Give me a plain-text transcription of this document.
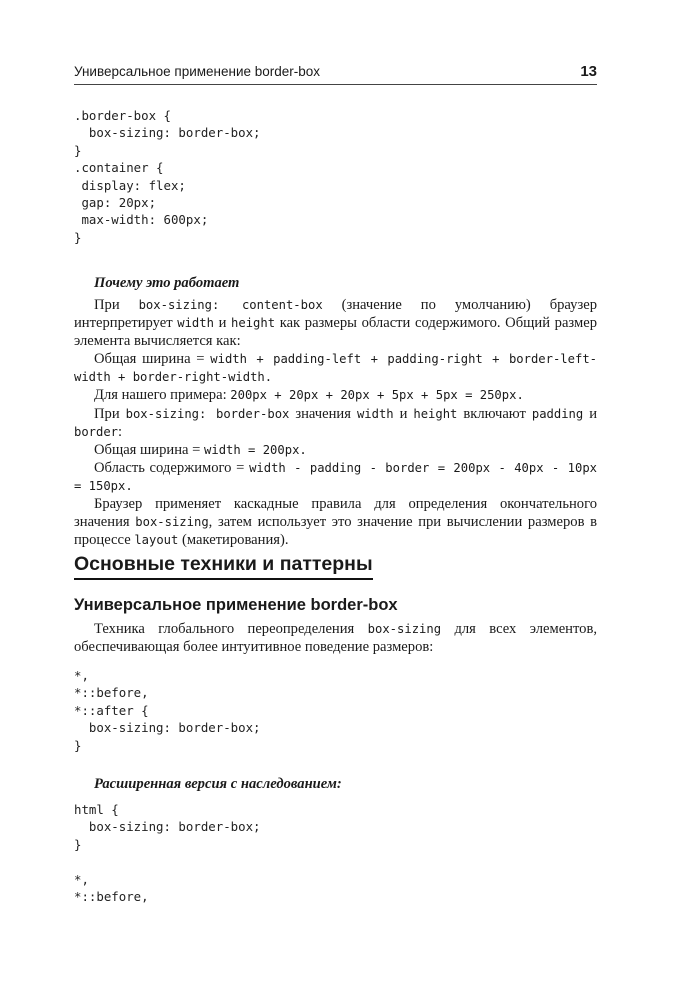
Универсальное применение border-box	13
.border-box {
box-sizing: border-box;
}
.container {
display: flex;
gap: 20px;
max-width: 600px;
}

Почему это работает

При box-sizing: content-box (значение по умолчанию) браузер интерпретирует width и height как размеры области содержимого. Общий размер элемента вычисляется как:

Общая ширина = width + padding-left + padding-right + border-left-width + border-right-width.

Для нашего примера: 200px + 20px + 20px + 5px + 5px = 250px.

При box-sizing: border-box значения width и height включают padding и border:

Общая ширина = width = 200px.

Область содержимого = width - padding - border = 200px - 40px - 10px = 150px.

Браузер применяет каскадные правила для определения окончательного значения box-sizing, затем использует это значение при вычислении размеров в процессе layout (макетирования).

Основные техники и паттерны
Универсальное применение border-box

Техника глобального переопределения box-sizing для всех элементов, обеспечивающая более интуитивное поведение размеров:

*,
*::before,
*::after {
box-sizing: border-box;
}

Расширенная версия с наследованием:

html {
box-sizing: border-box;
}

*,
*::before,
